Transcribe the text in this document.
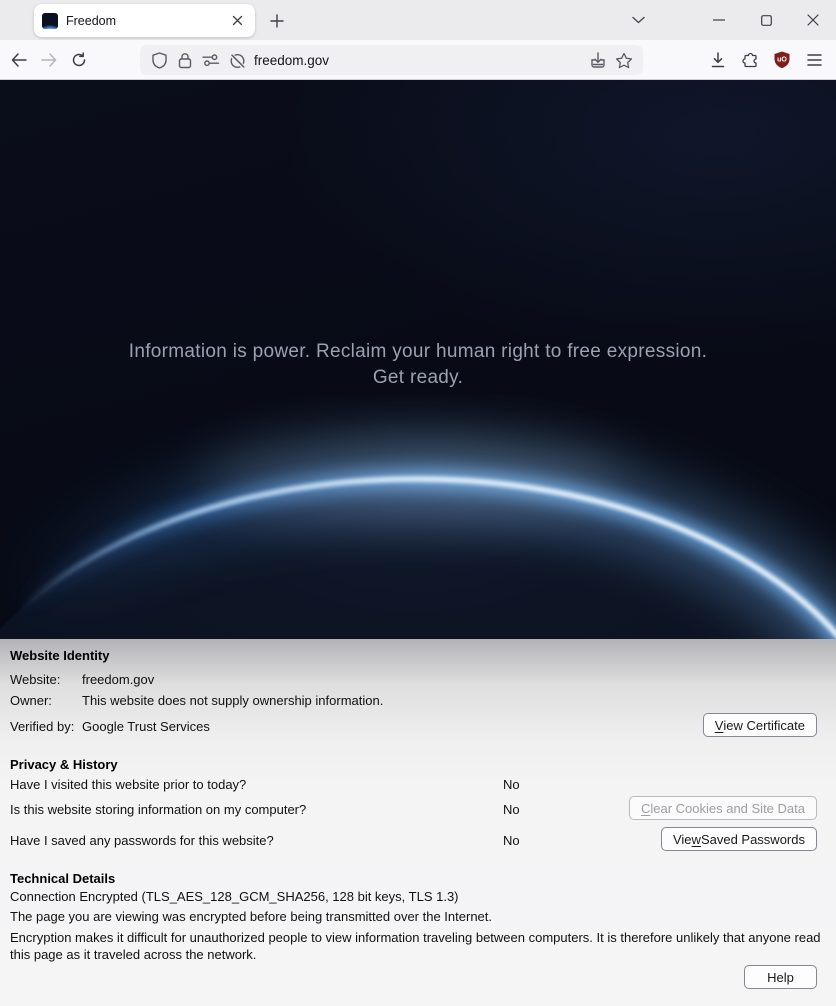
Freedom
freedom.gov	uO
Information is power. Reclaim your human right to free expression.
Get ready.
Website Identity
Website: freedom.gov
Owner: This website does not supply ownership information.
Verified by: Google Trust Services	V iew Certificate
Privacy & History
Have I visited this website prior to today?	No
Is this website storing information on my computer?	No	C lear Cookies and Site Data
Have I saved any passwords for this website?	No	Vie w Saved Passwords
Technical Details
Connection Encrypted (TLS_AES_128_GCM_SHA256, 128 bit keys, TLS 1.3)
The page you are viewing was encrypted before being transmitted over the Internet.
Encryption makes it difficult for unauthorized people to view information traveling between computers. It is therefore unlikely that anyone read this page as it traveled across the network.
Help
